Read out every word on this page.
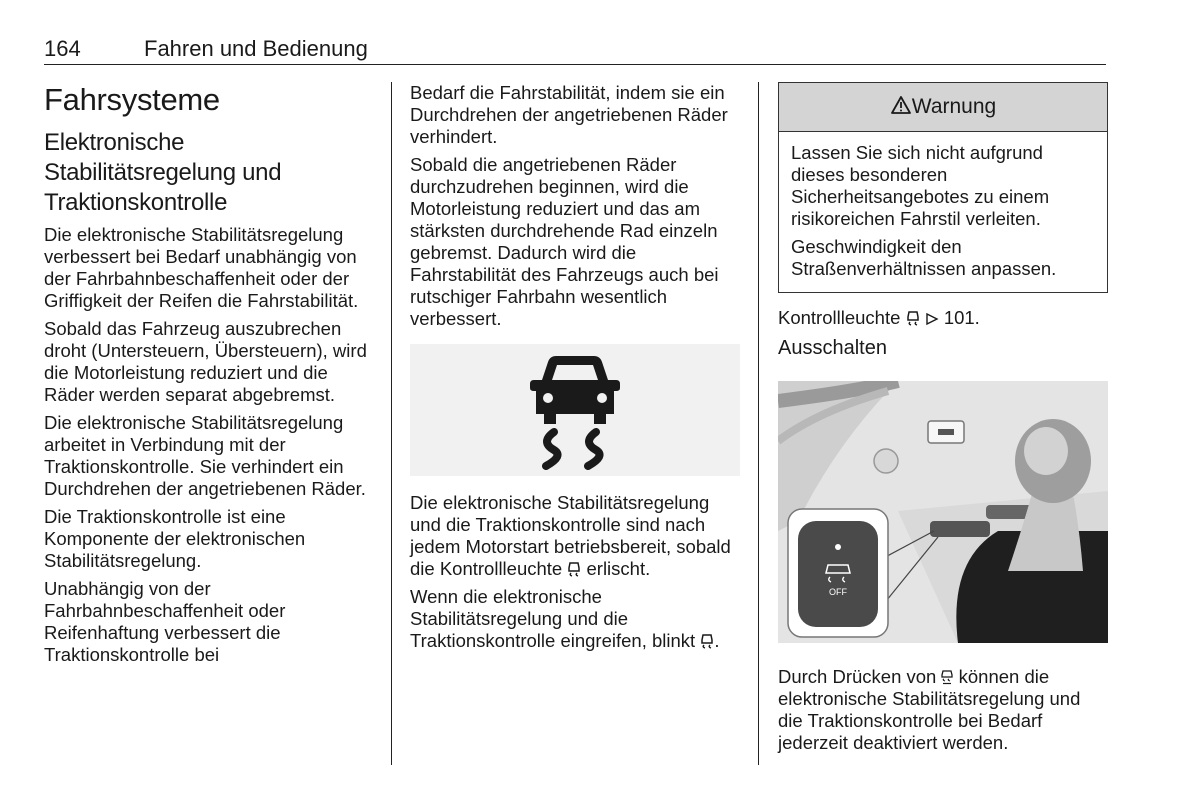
164	Fahren und Bedienung
Fahrsysteme
Elektronische Stabilitätsregelung und Traktionskontrolle

Die elektronische Stabilitätsregelung verbessert bei Bedarf unabhängig von der Fahrbahnbeschaffenheit oder der Griffigkeit der Reifen die Fahrstabilität.

Sobald das Fahrzeug auszubrechen droht (Untersteuern, Übersteuern), wird die Motorleistung reduziert und die Räder werden separat abgebremst.

Die elektronische Stabilitätsregelung arbeitet in Verbindung mit der Traktionskontrolle. Sie verhindert ein Durchdrehen der angetriebenen Räder.

Die Traktionskontrolle ist eine Komponente der elektronischen Stabilitätsregelung.

Unabhängig von der Fahrbahnbeschaffenheit oder Reifenhaftung verbessert die Traktionskontrolle bei

Bedarf die Fahrstabilität, indem sie ein Durchdrehen der angetriebenen Räder verhindert.

Sobald die angetriebenen Räder durchzudrehen beginnen, wird die Motorleistung reduziert und das am stärksten durchdrehende Rad einzeln gebremst. Dadurch wird die Fahrstabilität des Fahrzeugs auch bei rutschiger Fahrbahn wesentlich verbessert.

Die elektronische Stabilitätsregelung und die Traktionskontrolle sind nach jedem Motorstart betriebsbereit, sobald die Kontrollleuchte  erlischt.

Wenn die elektronische Stabilitätsregelung und die Traktionskontrolle eingreifen, blinkt .

Warnung

Lassen Sie sich nicht aufgrund dieses besonderen Sicherheitsangebotes zu einem risikoreichen Fahrstil verleiten.

Geschwindigkeit den Straßenverhältnissen anpassen.

Kontrollleuchte 101.

Ausschalten
OFF

Durch Drücken von  können die elektronische Stabilitätsregelung und die Traktionskontrolle bei Bedarf jederzeit deaktiviert werden.
